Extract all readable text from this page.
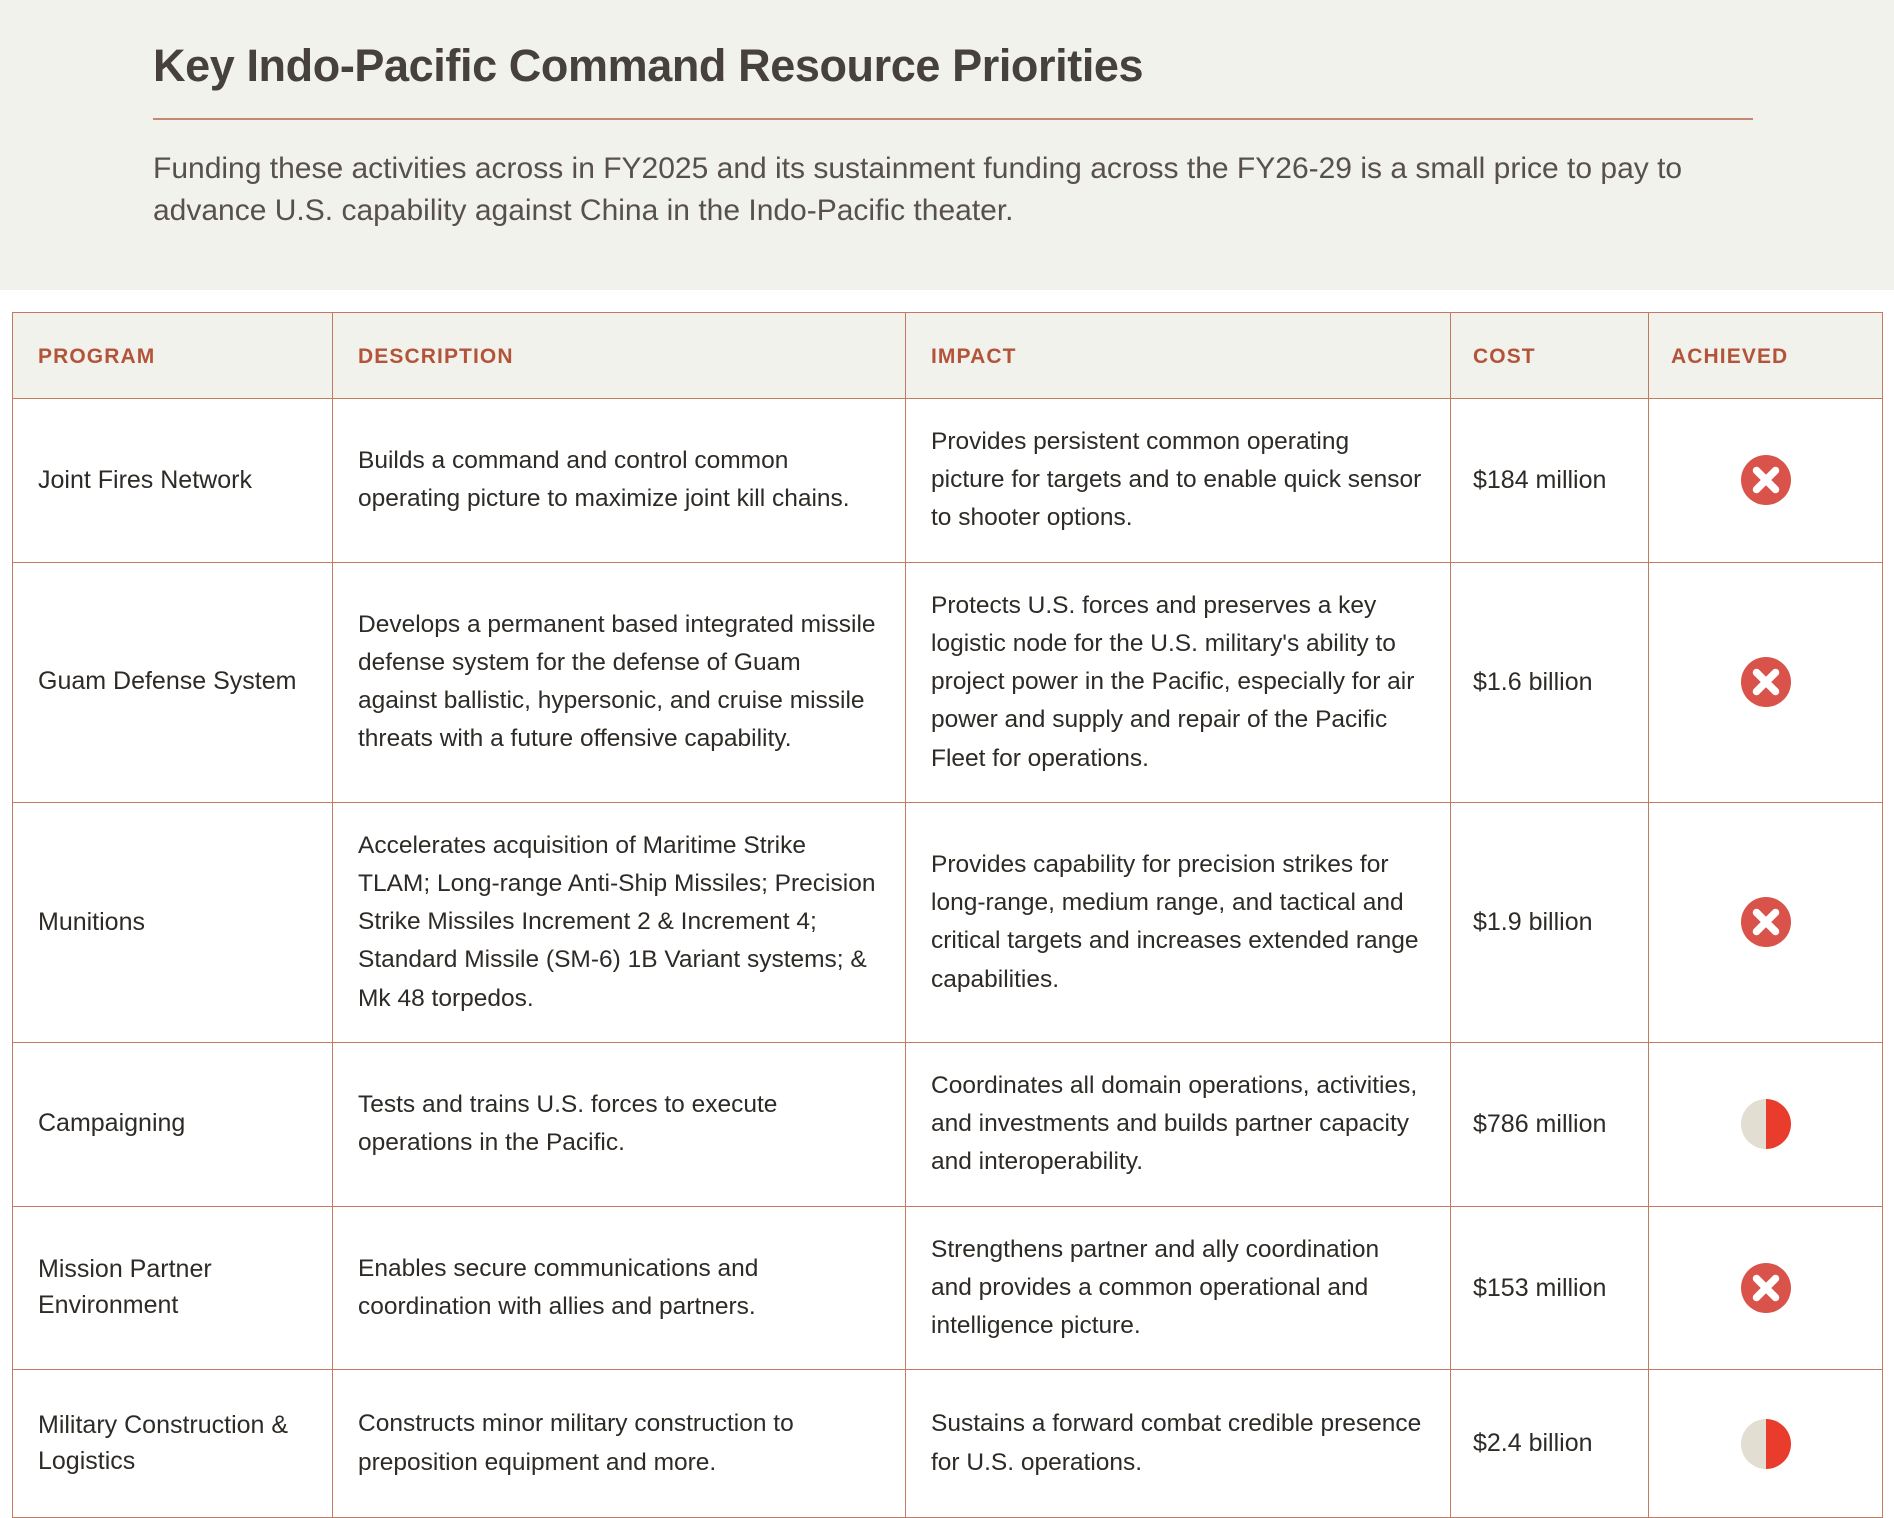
Key Indo-Pacific Command Resource Priorities
Funding these activities across in FY2025 and its sustainment funding across the FY26-29 is a small price to pay to advance U.S. capability against China in the Indo-Pacific theater.
PROGRAM	DESCRIPTION	IMPACT	COST	ACHIEVED
Joint Fires Network	Builds a command and control common operating picture to maximize joint kill chains.	Provides persistent common operating picture for targets and to enable quick sensor to shooter options.	$184 million	

Guam Defense System	Develops a permanent based integrated missile defense system for the defense of Guam against ballistic, hypersonic, and cruise missile threats with a future offensive capability.	Protects U.S. forces and preserves a key logistic node for the U.S. military's ability to project power in the Pacific, especially for air power and supply and repair of the Pacific Fleet for operations.	$1.6 billion	

Munitions	Accelerates acquisition of Maritime Strike TLAM; Long-range Anti-Ship Missiles; Precision Strike Missiles Increment 2 & Increment 4; Standard Missile (SM-6) 1B Variant systems; & Mk 48 torpedos.	Provides capability for precision strikes for long-range, medium range, and tactical and critical targets and increases extended range capabilities.	$1.9 billion	

Campaigning	Tests and trains U.S. forces to execute operations in the Pacific.	Coordinates all domain operations, activities, and investments and builds partner capacity and interoperability.	$786 million	

Mission Partner Environment	Enables secure communications and coordination with allies and partners.	Strengthens partner and ally coordination and provides a common operational and intelligence picture.	$153 million	

Military Construction & Logistics	Constructs minor military construction to preposition equipment and more.	Sustains a forward combat credible presence for U.S. operations.	$2.4 billion	
